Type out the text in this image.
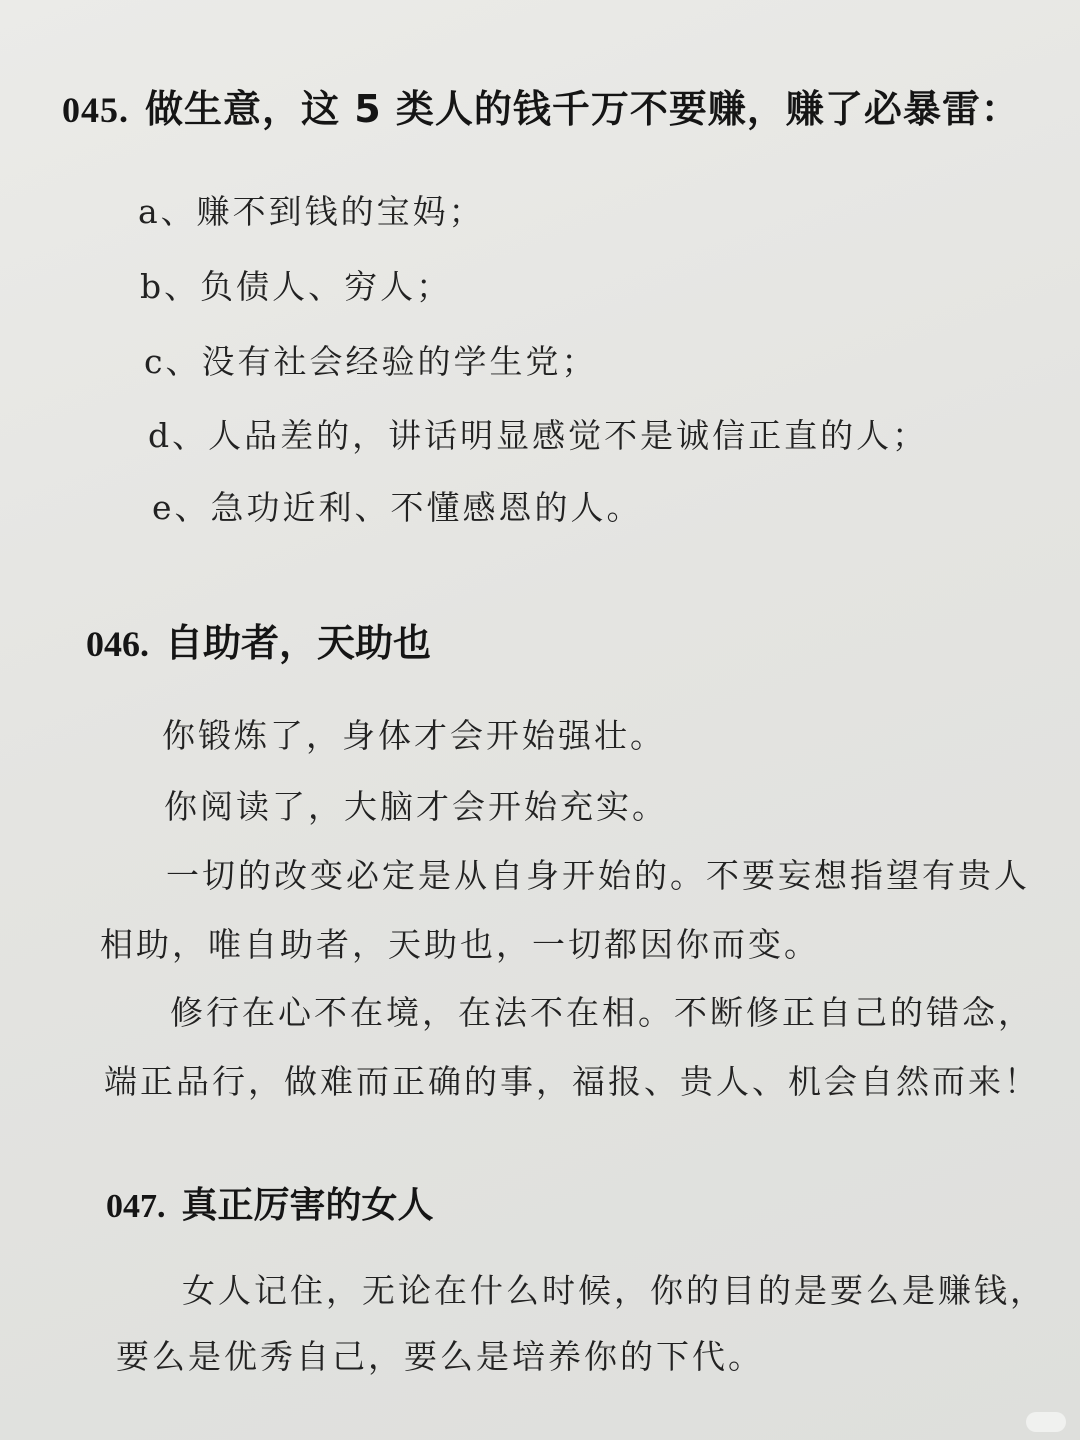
045. 做生意，这 5 类人的钱千万不要赚，赚了必暴雷：
a、赚不到钱的宝妈；
b、负债人、穷人；
c、没有社会经验的学生党；
d、人品差的，讲话明显感觉不是诚信正直的人；
e、急功近利、不懂感恩的人。
046. 自助者，天助也
你锻炼了，身体才会开始强壮。
你阅读了，大脑才会开始充实。
一切的改变必定是从自身开始的。不要妄想指望有贵人
相助，唯自助者，天助也，一切都因你而变。
修行在心不在境，在法不在相。不断修正自己的错念，
端正品行，做难而正确的事，福报、贵人、机会自然而来！
047. 真正厉害的女人
女人记住，无论在什么时候，你的目的是要么是赚钱，
要么是优秀自己，要么是培养你的下代。
